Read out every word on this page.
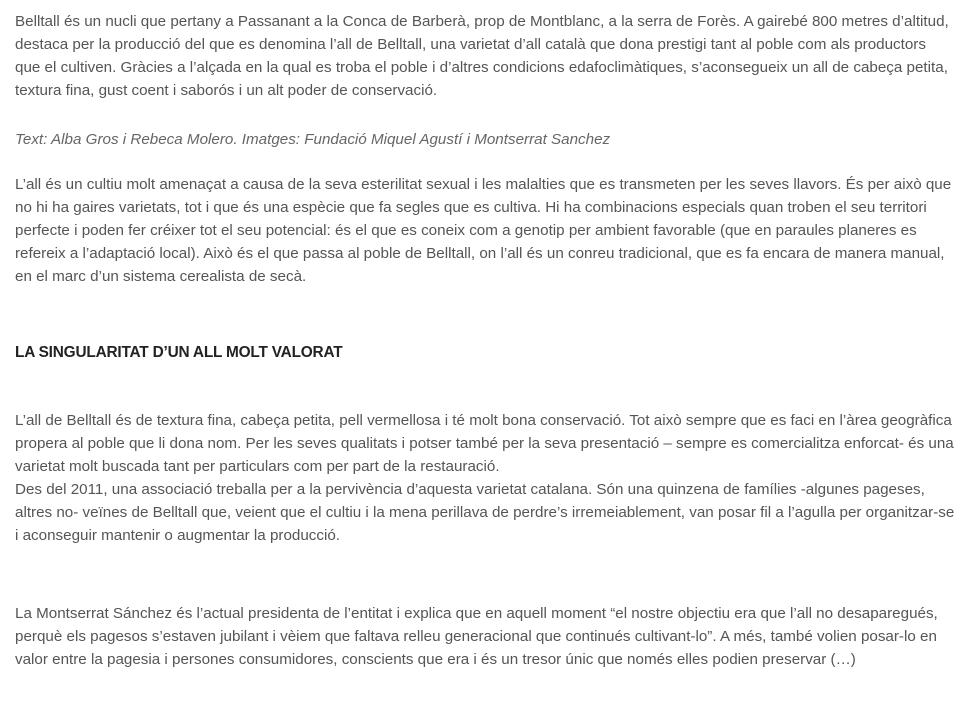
Belltall és un nucli que pertany a Passanant a la Conca de Barberà, prop de Montblanc, a la serra de Forès. A gairebé 800 metres d’altitud, destaca per la producció del que es denomina l’all de Belltall, una varietat d’all català que dona prestigi tant al poble com als productors que el cultiven. Gràcies a l’alçada en la qual es troba el poble i d’altres condicions edafoclimàtiques, s’aconsegueix un all de cabeça petita, textura fina, gust coent i saborós i un alt poder de conservació.

Text: Alba Gros i Rebeca Molero. Imatges: Fundació Miquel Agustí i Montserrat Sanchez

L’all és un cultiu molt amenaçat a causa de la seva esterilitat sexual i les malalties que es transmeten per les seves llavors. És per això que no hi ha gaires varietats, tot i que és una espècie que fa segles que es cultiva. Hi ha combinacions especials quan troben el seu territori perfecte i poden fer créixer tot el seu potencial: és el que es coneix com a genotip per ambient favorable (que en paraules planeres es refereix a l’adaptació local). Això és el que passa al poble de Belltall, on l’all és un conreu tradicional, que es fa encara de manera manual, en el marc d’un sistema cerealista de secà.

LA SINGULARITAT D’UN ALL MOLT VALORAT

L’all de Belltall és de textura fina, cabeça petita, pell vermellosa i té molt bona conservació. Tot això sempre que es faci en l’àrea geogràfica propera al poble que li dona nom. Per les seves qualitats i potser també per la seva presentació – sempre es comercialitza enforcat- és una varietat molt buscada tant per particulars com per part de la restauració.

Des del 2011, una associació treballa per a la pervivència d’aquesta varietat catalana. Són una quinzena de famílies -algunes pageses, altres no- veïnes de Belltall que, veient que el cultiu i la mena perillava de perdre’s irremeiablement, van posar fil a l’agulla per organitzar-se i aconseguir mantenir o augmentar la producció.

La Montserrat Sánchez és l’actual presidenta de l’entitat i explica que en aquell moment “el nostre objectiu era que l’all no desaparegués, perquè els pagesos s’estaven jubilant i vèiem que faltava relleu generacional que continués cultivant-lo”. A més, també volien posar-lo en valor entre la pagesia i persones consumidores, conscients que era i és un tresor únic que només elles podien preservar (…)
